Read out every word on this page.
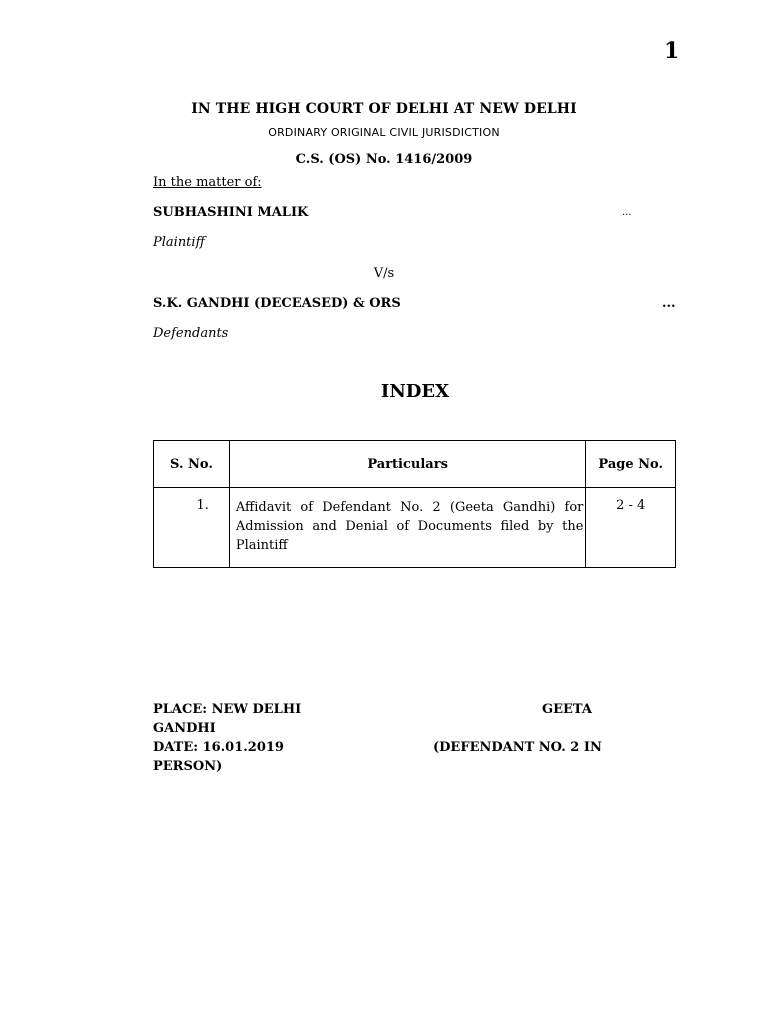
1
IN THE HIGH COURT OF DELHI AT NEW DELHI
ORDINARY ORIGINAL CIVIL JURISDICTION
C.S. (OS) No. 1416/2009
In the matter of:
SUBHASHINI MALIK	...
Plaintiff
V/s
S.K. GANDHI (DECEASED) & ORS	...
Defendants
INDEX
S. No.	Particulars	Page No.
1.	Affidavit of Defendant No. 2 (Geeta Gandhi) for Admission and Denial of Documents filed by the Plaintiff	2 - 4
PLACE: NEW DELHI	GEETA
GANDHI
DATE: 16.01.2019	(DEFENDANT NO. 2 IN
PERSON)
